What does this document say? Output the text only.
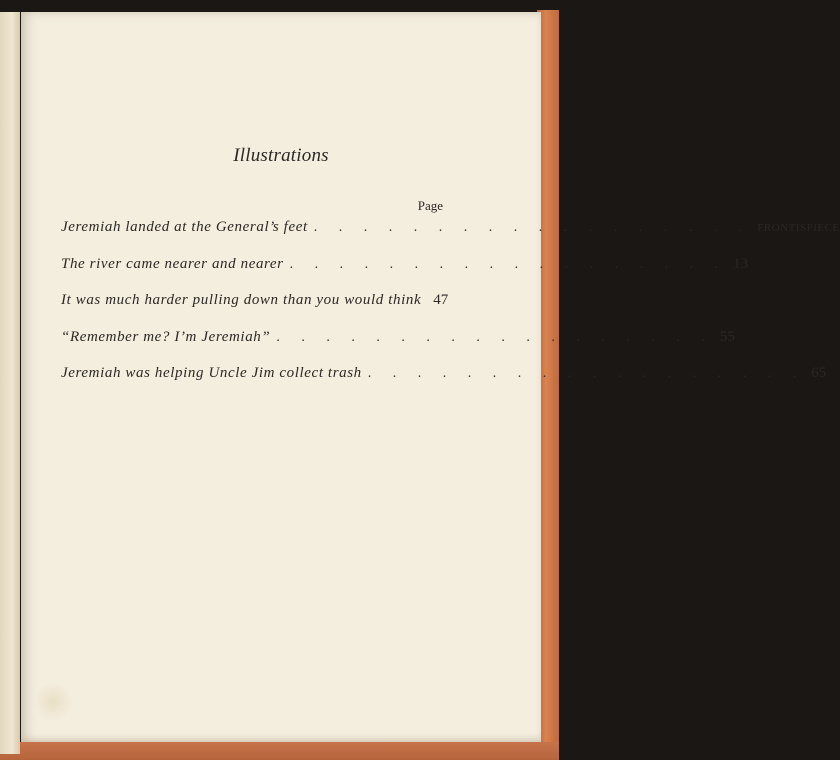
Illustrations
Page
Jeremiah landed at the General’s feet . . . . . . . . . . . . . . . . . . FRONTISPIECE
The river came nearer and nearer . . . . . . . . . . . . . . . . . . 13
It was much harder pulling down than you would think 47
“Remember me? I’m Jeremiah” . . . . . . . . . . . . . . . . . . 55
Jeremiah was helping Uncle Jim collect trash . . . . . . . . . . . . . . . . . . 65
